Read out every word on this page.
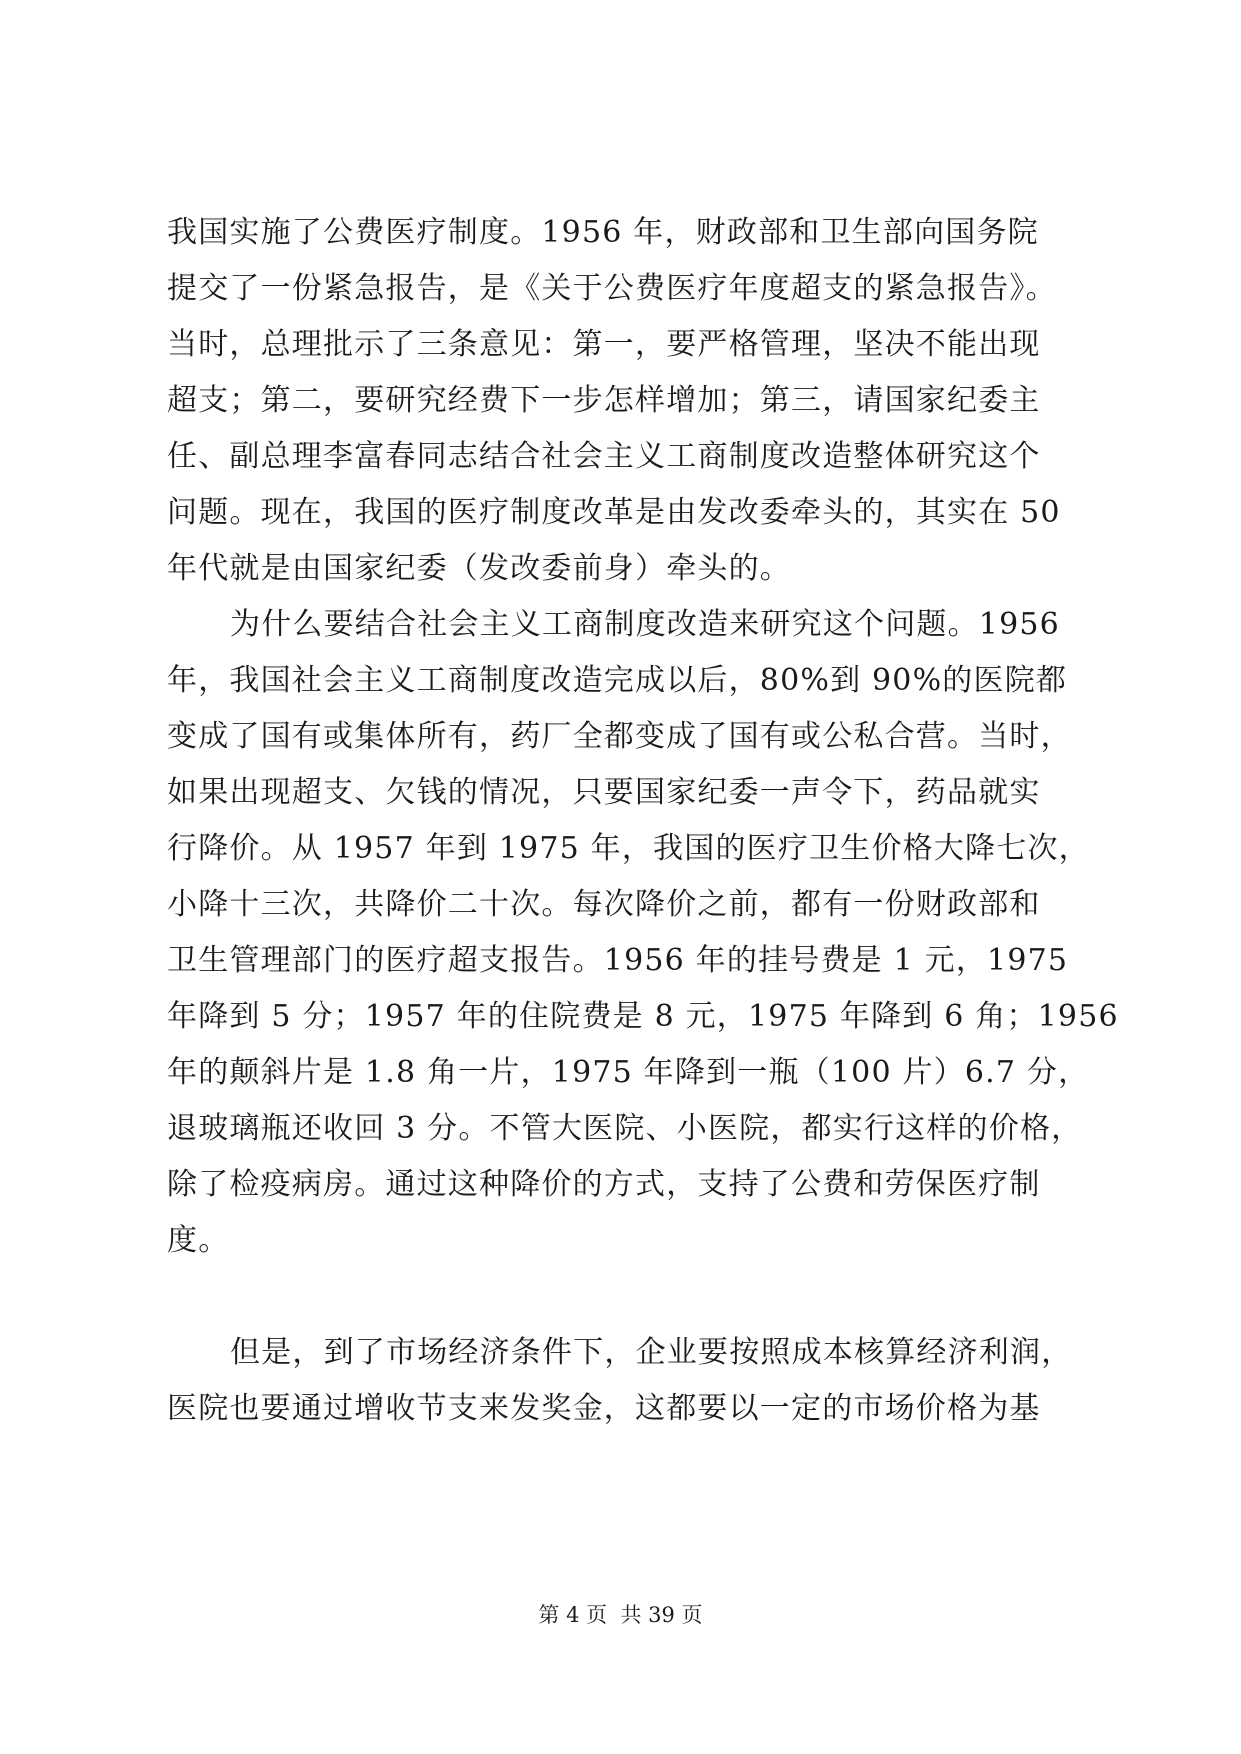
我国实施了公费医疗制度。1956 年，财政部和卫生部向国务院
提交了一份紧急报告，是《关于公费医疗年度超支的紧急报告》。
当时，总理批示了三条意见：第一，要严格管理，坚决不能出现
超支；第二，要研究经费下一步怎样增加；第三，请国家纪委主
任、副总理李富春同志结合社会主义工商制度改造整体研究这个
问题。现在，我国的医疗制度改革是由发改委牵头的，其实在 50
年代就是由国家纪委（发改委前身）牵头的。
为什么要结合社会主义工商制度改造来研究这个问题。1956
年，我国社会主义工商制度改造完成以后，80%到 90%的医院都
变成了国有或集体所有，药厂全都变成了国有或公私合营。当时，
如果出现超支、欠钱的情况，只要国家纪委一声令下，药品就实
行降价。从 1957 年到 1975 年，我国的医疗卫生价格大降七次，
小降十三次，共降价二十次。每次降价之前，都有一份财政部和
卫生管理部门的医疗超支报告。1956 年的挂号费是 1 元，1975
年降到 5 分；1957 年的住院费是 8 元，1975 年降到 6 角；1956
年的颠斜片是 1.8 角一片，1975 年降到一瓶（100 片）6.7 分，
退玻璃瓶还收回 3 分。不管大医院、小医院，都实行这样的价格，
除了检疫病房。通过这种降价的方式，支持了公费和劳保医疗制
度。
但是，到了市场经济条件下，企业要按照成本核算经济利润，
医院也要通过增收节支来发奖金，这都要以一定的市场价格为基
第 4 页  共 39 页
